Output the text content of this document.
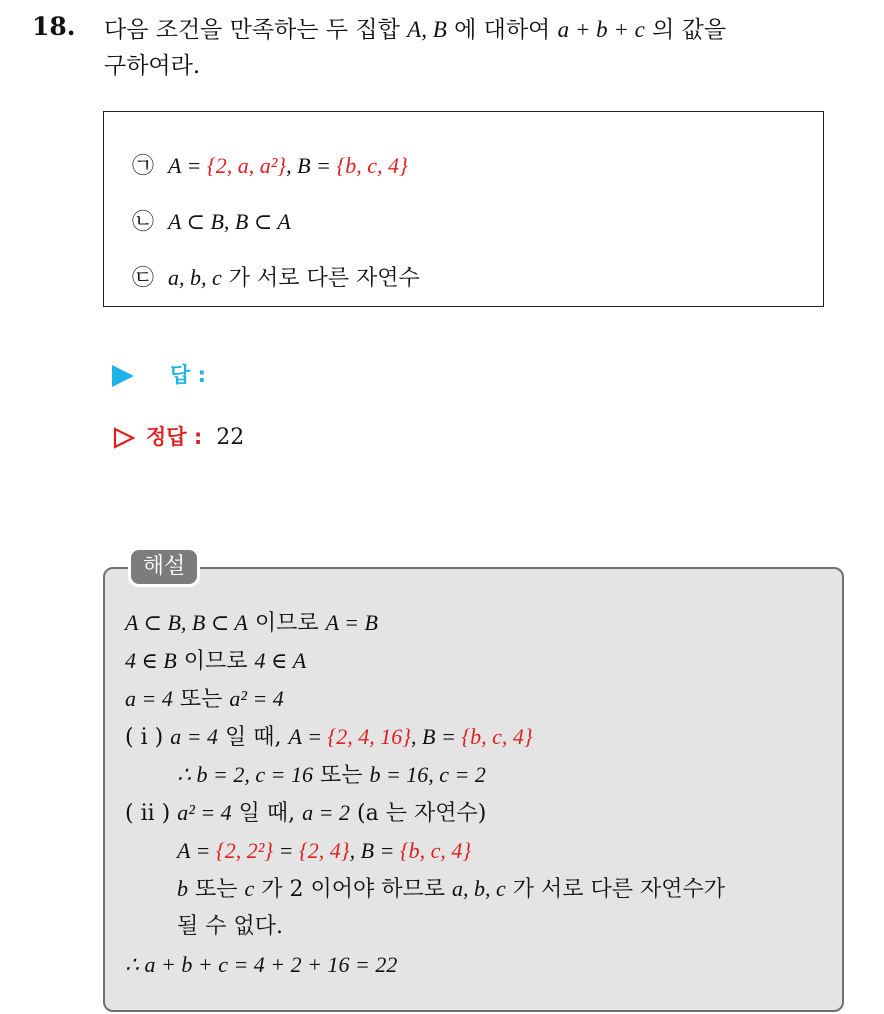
18. 다음 조건을 만족하는 두 집합 A, B 에 대하여 a + b + c 의 값을
구하여라.
㉠ A = {2, a, a²}, B = {b, c, 4}
㉡ A ⊂ B, B ⊂ A
㉢ a, b, c 가 서로 다른 자연수
답 :
정답 : 22
해설
A ⊂ B, B ⊂ A 이므로 A = B
4 ∈ B 이므로 4 ∈ A
a = 4 또는 a² = 4
( i ) a = 4 일 때, A = {2, 4, 16}, B = {b, c, 4}
∴ b = 2, c = 16 또는 b = 16, c = 2
( ii ) a² = 4 일 때, a = 2 (a 는 자연수)
A = {2, 2²} = {2, 4}, B = {b, c, 4}
b 또는 c 가 2 이어야 하므로 a, b, c 가 서로 다른 자연수가
될 수 없다.
∴ a + b + c = 4 + 2 + 16 = 22
